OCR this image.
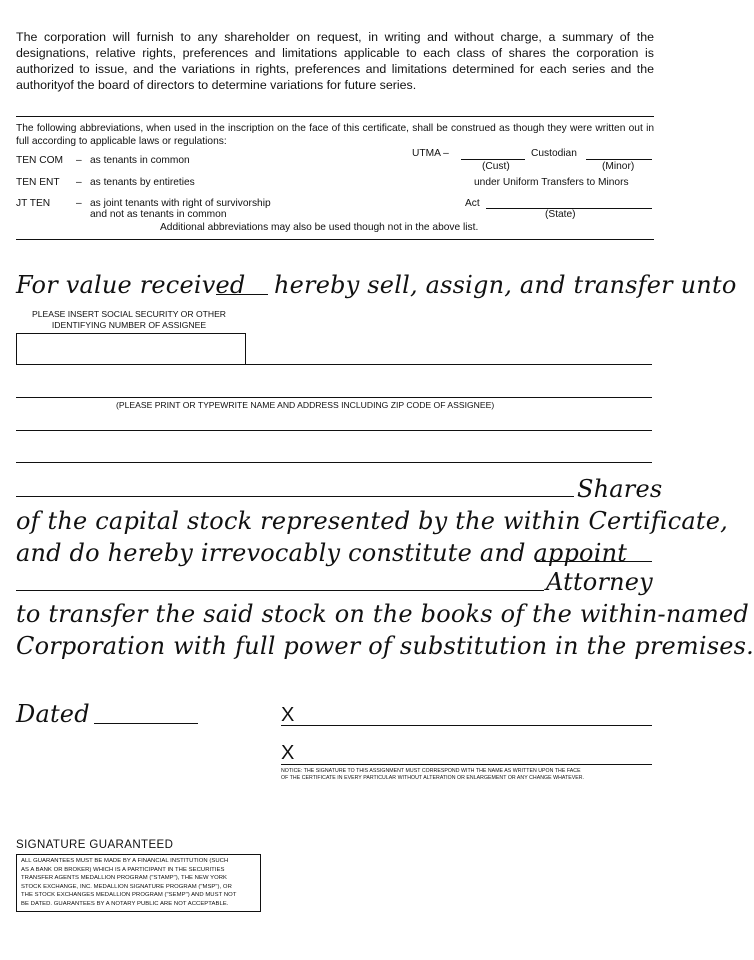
The corporation will furnish to any shareholder on request, in writing and without charge, a summary of the designations, relative rights, preferences and limitations applicable to each class of shares the corporation is authorized to issue, and the variations in rights, preferences and limitations determined for each series and the authorityof the board of directors to determine variations for future series.
The following abbreviations, when used in the inscription on the face of this certificate, shall be construed as though they were written out in full according to applicable laws or regulations:
TEN COM – as tenants in common
TEN ENT – as tenants by entireties
JT TEN	– as joint tenants with right of survivorship
and not as tenants in common
UTMA –	Custodian
(Cust)	(Minor)
under Uniform Transfers to Minors
Act
(State)
Additional abbreviations may also be used though not in the above list.
For value received hereby sell, assign, and transfer unto
PLEASE INSERT SOCIAL SECURITY OR OTHER
IDENTIFYING NUMBER OF ASSIGNEE
(PLEASE PRINT OR TYPEWRITE NAME AND ADDRESS INCLUDING ZIP CODE OF ASSIGNEE)
Shares
of the capital stock represented by the within Certificate,
and do hereby irrevocably constitute and appoint
Attorney
to transfer the said stock on the books of the within-named
Corporation with full power of substitution in the premises.
Dated	X
X
NOTICE: THE SIGNATURE TO THIS ASSIGNMENT MUST CORRESPOND WITH THE NAME AS WRITTEN UPON THE FACE
OF THE CERTIFICATE IN EVERY PARTICULAR WITHOUT ALTERATION OR ENLARGEMENT OR ANY CHANGE WHATEVER.
SIGNATURE GUARANTEED
ALL GUARANTEES MUST BE MADE BY A FINANCIAL INSTITUTION (SUCH
AS A BANK OR BROKER) WHICH IS A PARTICIPANT IN THE SECURITIES
TRANSFER AGENTS MEDALLION PROGRAM ("STAMP"), THE NEW YORK
STOCK EXCHANGE, INC. MEDALLION SIGNATURE PROGRAM ("MSP"), OR
THE STOCK EXCHANGES MEDALLION PROGRAM ("SEMP") AND MUST NOT
BE DATED. GUARANTEES BY A NOTARY PUBLIC ARE NOT ACCEPTABLE.
